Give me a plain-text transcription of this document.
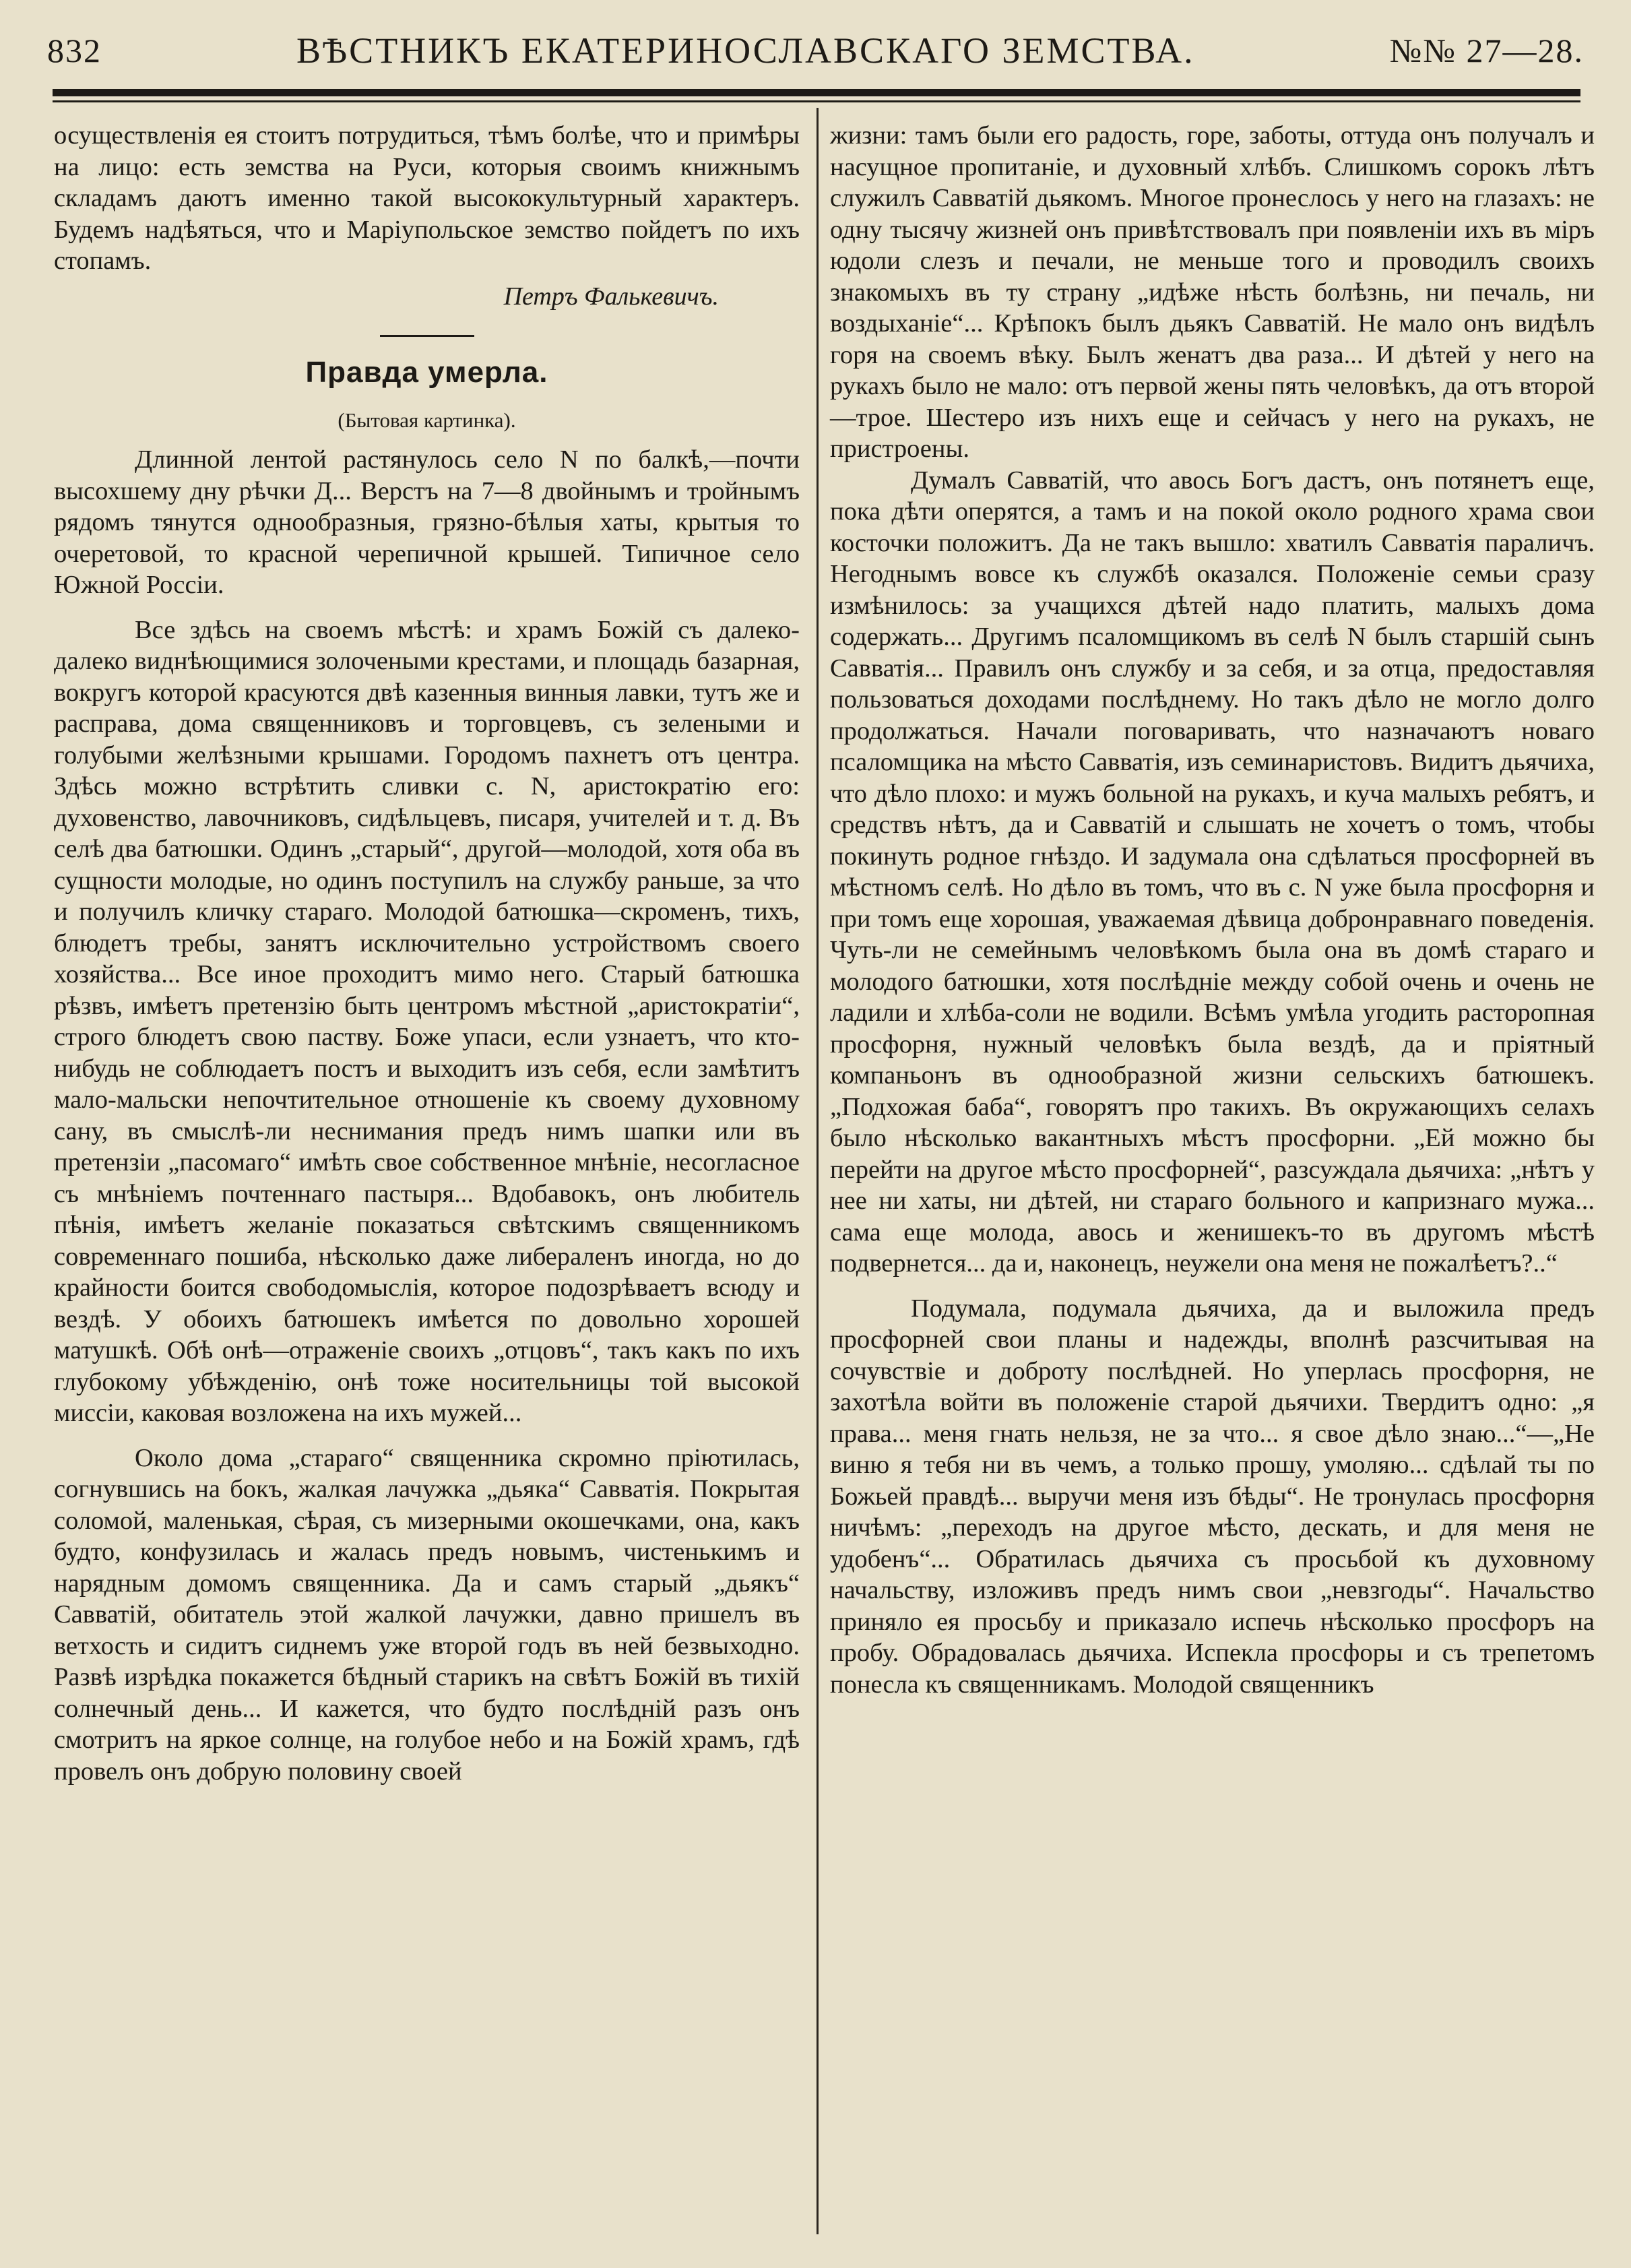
832	ВѢСТНИКЪ ЕКАТЕРИНОСЛАВСКАГО ЗЕМСТВА.	№№ 27—28.

осуществленія ея стоитъ потрудиться, тѣмъ болѣе, что и примѣры на лицо: есть земства на Руси, которыя своимъ книжнымъ складамъ даютъ именно такой высококультурный характеръ. Будемъ надѣяться, что и Маріупольское земство пойдетъ по ихъ стопамъ.

Петръ Фалькевичъ.

Правда умерла.

(Бытовая картинка).

Длинной лентой растянулось село N по балкѣ,—почти высохшему дну рѣчки Д... Верстъ на 7—8 двойнымъ и тройнымъ рядомъ тянутся однообразныя, грязно-бѣлыя хаты, крытыя то очеретовой, то красной черепичной крышей. Типичное село Южной Россіи.

Все здѣсь на своемъ мѣстѣ: и храмъ Божій съ далеко-далеко виднѣющимися золочеными крестами, и площадь базарная, вокругъ которой красуются двѣ казенныя винныя лавки, тутъ же и расправа, дома священниковъ и торговцевъ, съ зелеными и голубыми желѣзными крышами. Городомъ пахнетъ отъ центра. Здѣсь можно встрѣтить сливки с. N, аристократію его: духовенство, лавочниковъ, сидѣльцевъ, писаря, учителей и т. д. Въ селѣ два батюшки. Одинъ „старый“, другой—молодой, хотя оба въ сущности молодые, но одинъ поступилъ на службу раньше, за что и получилъ кличку стараго. Молодой батюшка—скроменъ, тихъ, блюдетъ требы, занятъ исключительно устройствомъ своего хозяйства... Все иное проходитъ мимо него. Старый батюшка рѣзвъ, имѣетъ претензію быть центромъ мѣстной „аристократіи“, строго блюдетъ свою паству. Боже упаси, если узнаетъ, что кто-нибудь не соблюдаетъ постъ и выходитъ изъ себя, если замѣтитъ мало-мальски непочтительное отношеніе къ своему духовному сану, въ смыслѣ-ли неснимания предъ нимъ шапки или въ претензіи „пасомаго“ имѣть свое собственное мнѣніе, несогласное съ мнѣніемъ почтеннаго пастыря... Вдобавокъ, онъ любитель пѣнія, имѣетъ желаніе показаться свѣтскимъ священникомъ современнаго пошиба, нѣсколько даже либераленъ иногда, но до крайности боится свободомыслія, которое подозрѣваетъ всюду и вездѣ. У обоихъ батюшекъ имѣется по довольно хорошей матушкѣ. Обѣ онѣ—отраженіе своихъ „отцовъ“, такъ какъ по ихъ глубокому убѣжденію, онѣ тоже носительницы той высокой миссіи, каковая возложена на ихъ мужей...

Около дома „стараго“ священника скромно пріютилась, согнувшись на бокъ, жалкая лачужка „дьяка“ Савватія. Покрытая соломой, маленькая, сѣрая, съ мизерными окошечками, она, какъ будто, конфузилась и жалась предъ новымъ, чистенькимъ и нарядным домомъ священника. Да и самъ старый „дьякъ“ Савватій, обитатель этой жалкой лачужки, давно пришелъ въ ветхость и сидитъ сиднемъ уже второй годъ въ ней безвыходно. Развѣ изрѣдка покажется бѣдный старикъ на свѣтъ Божій въ тихій солнечный день... И кажется, что будто послѣдній разъ онъ смотритъ на яркое солнце, на голубое небо и на Божій храмъ, гдѣ провелъ онъ добрую половину своей

жизни: тамъ были его радость, горе, заботы, оттуда онъ получалъ и насущное пропитаніе, и духовный хлѣбъ. Слишкомъ сорокъ лѣтъ служилъ Савватій дьякомъ. Многое пронеслось у него на глазахъ: не одну тысячу жизней онъ привѣтствовалъ при появленіи ихъ въ міръ юдоли слезъ и печали, не меньше того и проводилъ своихъ знакомыхъ въ ту страну „идѣже нѣсть болѣзнь, ни печаль, ни воздыханіе“... Крѣпокъ былъ дьякъ Савватій. Не мало онъ видѣлъ горя на своемъ вѣку. Былъ женатъ два раза... И дѣтей у него на рукахъ было не мало: отъ первой жены пять человѣкъ, да отъ второй—трое. Шестеро изъ нихъ еще и сейчасъ у него на рукахъ, не пристроены.

Думалъ Савватій, что авось Богъ дастъ, онъ потянетъ еще, пока дѣти оперятся, а тамъ и на покой около родного храма свои косточки положитъ. Да не такъ вышло: хватилъ Савватія параличъ. Негоднымъ вовсе къ службѣ оказался. Положеніе семьи сразу измѣнилось: за учащихся дѣтей надо платить, малыхъ дома содержать... Другимъ псаломщикомъ въ селѣ N былъ старшій сынъ Савватія... Правилъ онъ службу и за себя, и за отца, предоставляя пользоваться доходами послѣднему. Но такъ дѣло не могло долго продолжаться. Начали поговаривать, что назначаютъ новаго псаломщика на мѣсто Савватія, изъ семинаристовъ. Видитъ дьячиха, что дѣло плохо: и мужъ больной на рукахъ, и куча малыхъ ребятъ, и средствъ нѣтъ, да и Савватій и слышать не хочетъ о томъ, чтобы покинуть родное гнѣздо. И задумала она сдѣлаться просфорней въ мѣстномъ селѣ. Но дѣло въ томъ, что въ с. N уже была просфорня и при томъ еще хорошая, уважаемая дѣвица добронравнаго поведенія. Чуть-ли не семейнымъ человѣкомъ была она въ домѣ стараго и молодого батюшки, хотя послѣдніе между собой очень и очень не ладили и хлѣба-соли не водили. Всѣмъ умѣла угодить расторопная просфорня, нужный человѣкъ была вездѣ, да и пріятный компаньонъ въ однообразной жизни сельскихъ батюшекъ. „Подхожая баба“, говорятъ про такихъ. Въ окружающихъ селахъ было нѣсколько вакантныхъ мѣстъ просфорни. „Ей можно бы перейти на другое мѣсто просфорней“, разсуждала дьячиха: „нѣтъ у нее ни хаты, ни дѣтей, ни стараго больного и капризнаго мужа... сама еще молода, авось и женишекъ-то въ другомъ мѣстѣ подвернется... да и, наконецъ, неужели она меня не пожалѣетъ?..“

Подумала, подумала дьячиха, да и выложила предъ просфорней свои планы и надежды, вполнѣ разсчитывая на сочувствіе и доброту послѣдней. Но уперлась просфорня, не захотѣла войти въ положеніе старой дьячихи. Твердитъ одно: „я права... меня гнать нельзя, не за что... я свое дѣло знаю...“—„Не виню я тебя ни въ чемъ, а только прошу, умоляю... сдѣлай ты по Божьей правдѣ... выручи меня изъ бѣды“. Не тронулась просфорня ничѣмъ: „переходъ на другое мѣсто, дескать, и для меня не удобенъ“... Обратилась дьячиха съ просьбой къ духовному начальству, изложивъ предъ нимъ свои „невзгоды“. Начальство приняло ея просьбу и приказало испечь нѣсколько просфоръ на пробу. Обрадовалась дьячиха. Испекла просфоры и съ трепетомъ понесла къ священникамъ. Молодой священникъ
